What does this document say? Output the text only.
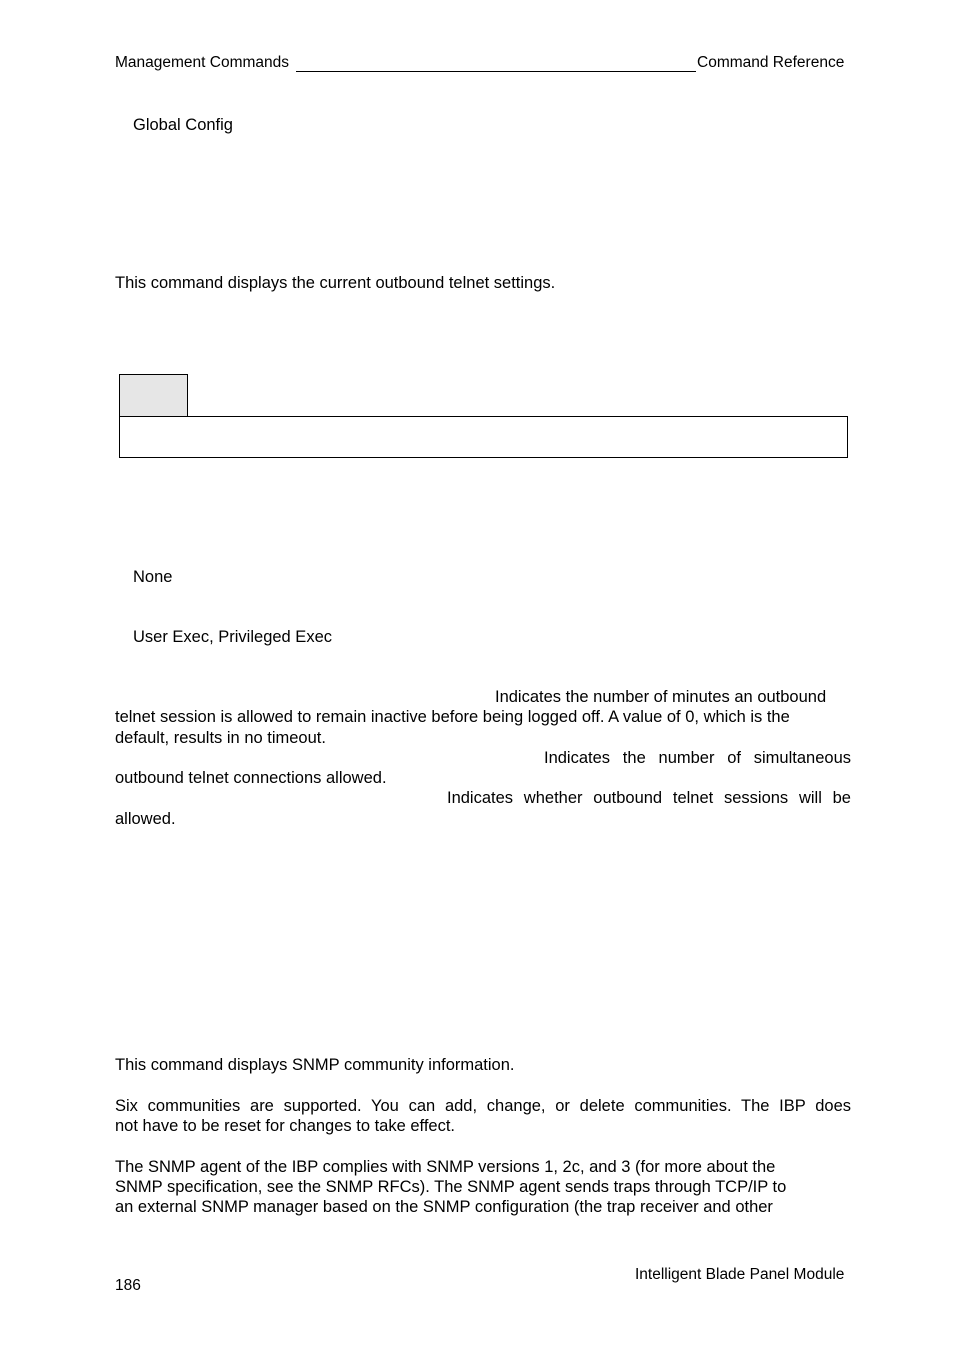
Management Commands	Command Reference
Global Config
This command displays the current outbound telnet settings.
None
User Exec, Privileged Exec
Indicates the number of minutes an outbound
telnet session is allowed to remain inactive before being logged off. A value of 0, which is the
default, results in no timeout.
Indicates the number of simultaneous
outbound telnet connections allowed.
Indicates whether outbound telnet sessions will be
allowed.
This command displays SNMP community information.
Six communities are supported. You can add, change, or delete communities. The IBP does
not have to be reset for changes to take effect.
The SNMP agent of the IBP complies with SNMP versions 1, 2c, and 3 (for more about the
SNMP specification, see the SNMP RFCs). The SNMP agent sends traps through TCP/IP to
an external SNMP manager based on the SNMP configuration (the trap receiver and other
186
Intelligent Blade Panel Module
